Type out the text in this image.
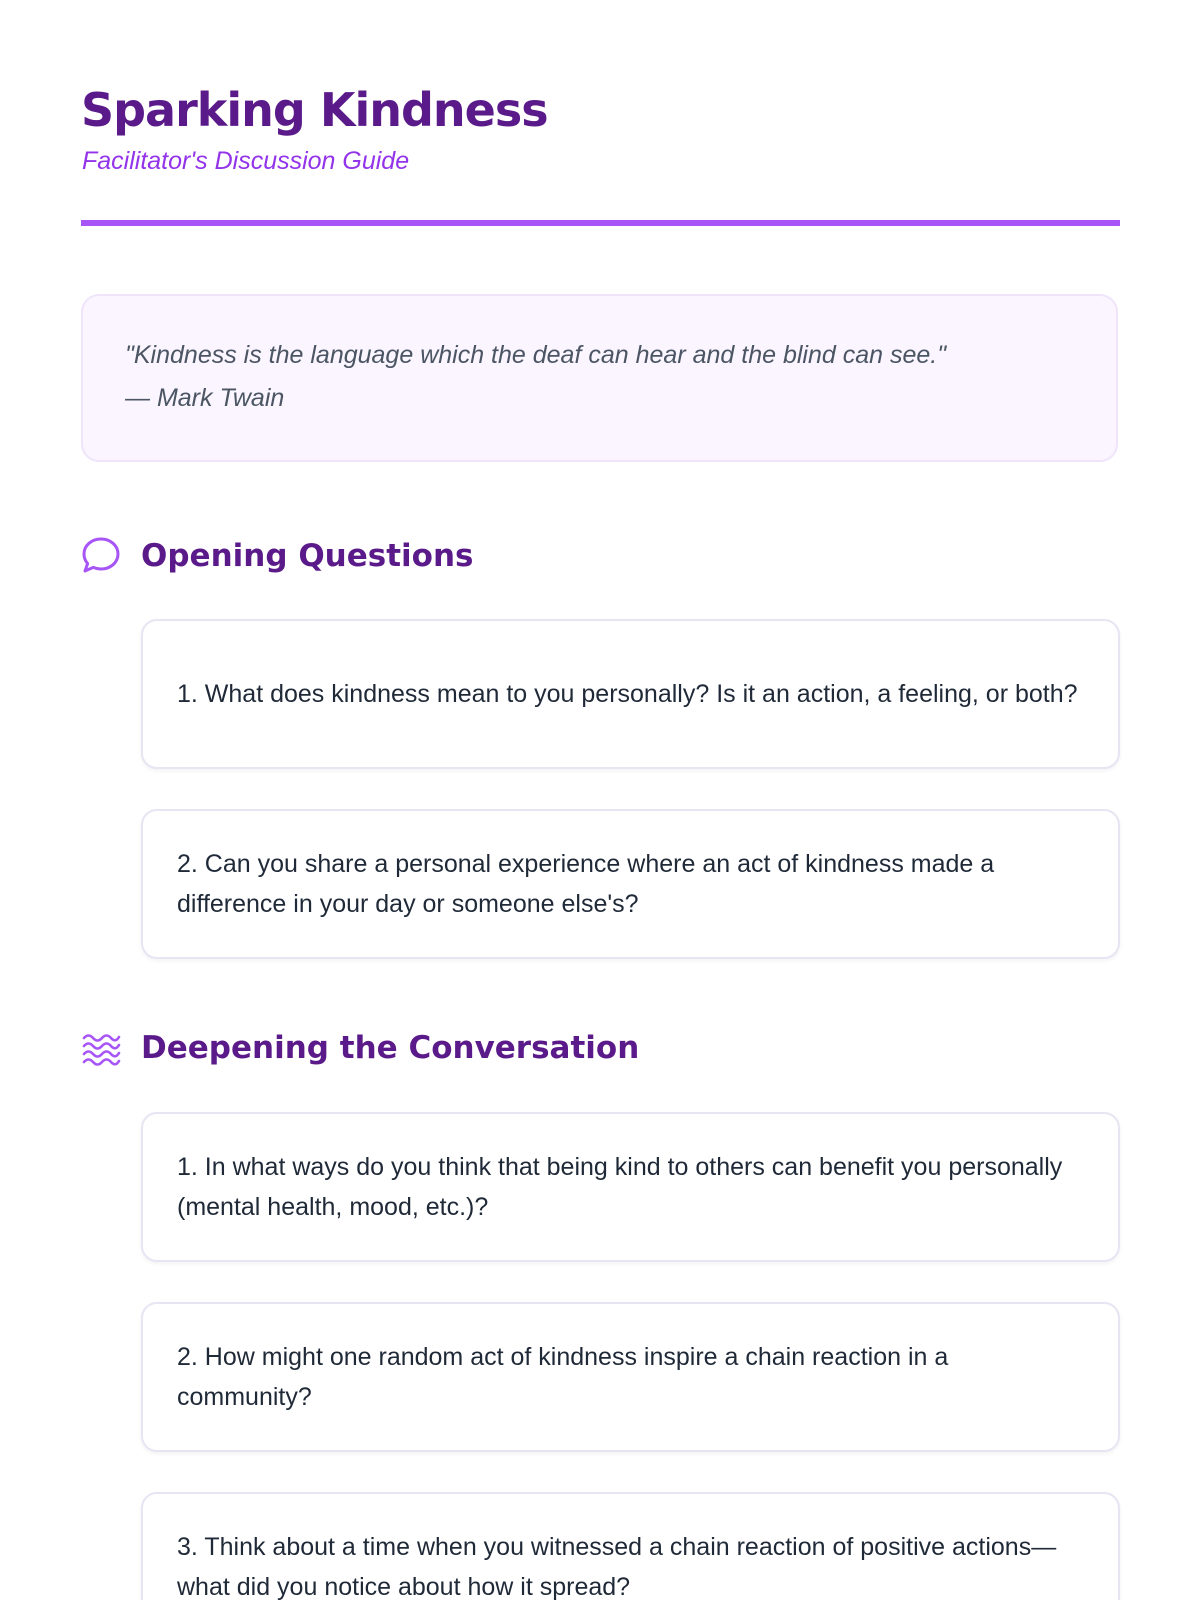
Sparking Kindness

Facilitator's Discussion Guide

"Kindness is the language which the deaf can hear and the blind can see."
— Mark Twain
Opening Questions
1. What does kindness mean to you personally? Is it an action, a feeling, or both?
2. Can you share a personal experience where an act of kindness made a difference in your day or someone else's?
Deepening the Conversation
1. In what ways do you think that being kind to others can benefit you personally (mental health, mood, etc.)?
2. How might one random act of kindness inspire a chain reaction in a community?
3. Think about a time when you witnessed a chain reaction of positive actions—what did you notice about how it spread?
